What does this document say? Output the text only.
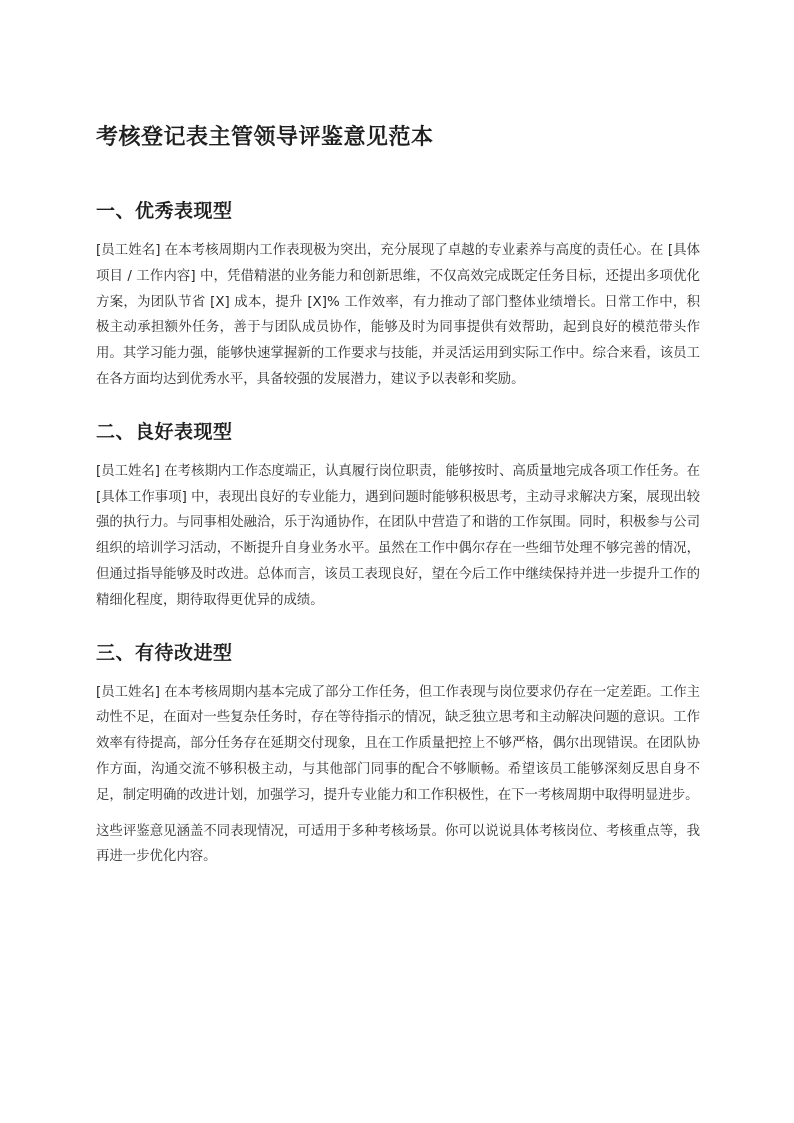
考核登记表主管领导评鉴意见范本
一、优秀表现型

[员工姓名] 在本考核周期内工作表现极为突出，充分展现了卓越的专业素养与高度的责任心。在 [具体项目 / 工作内容] 中，凭借精湛的业务能力和创新思维，不仅高效完成既定任务目标，还提出多项优化方案，为团队节省 [X] 成本，提升 [X]% 工作效率，有力推动了部门整体业绩增长。日常工作中，积极主动承担额外任务，善于与团队成员协作，能够及时为同事提供有效帮助，起到良好的模范带头作用。其学习能力强，能够快速掌握新的工作要求与技能，并灵活运用到实际工作中。综合来看，该员工在各方面均达到优秀水平，具备较强的发展潜力，建议予以表彰和奖励。

二、良好表现型

[员工姓名] 在考核期内工作态度端正，认真履行岗位职责，能够按时、高质量地完成各项工作任务。在 [具体工作事项] 中，表现出良好的专业能力，遇到问题时能够积极思考，主动寻求解决方案，展现出较强的执行力。与同事相处融洽，乐于沟通协作，在团队中营造了和谐的工作氛围。同时，积极参与公司组织的培训学习活动，不断提升自身业务水平。虽然在工作中偶尔存在一些细节处理不够完善的情况，但通过指导能够及时改进。总体而言，该员工表现良好，望在今后工作中继续保持并进一步提升工作的精细化程度，期待取得更优异的成绩。

三、有待改进型

[员工姓名] 在本考核周期内基本完成了部分工作任务，但工作表现与岗位要求仍存在一定差距。工作主动性不足，在面对一些复杂任务时，存在等待指示的情况，缺乏独立思考和主动解决问题的意识。工作效率有待提高，部分任务存在延期交付现象，且在工作质量把控上不够严格，偶尔出现错误。在团队协作方面，沟通交流不够积极主动，与其他部门同事的配合不够顺畅。希望该员工能够深刻反思自身不足，制定明确的改进计划，加强学习，提升专业能力和工作积极性，在下一考核周期中取得明显进步。

这些评鉴意见涵盖不同表现情况，可适用于多种考核场景。你可以说说具体考核岗位、考核重点等，我再进一步优化内容。
